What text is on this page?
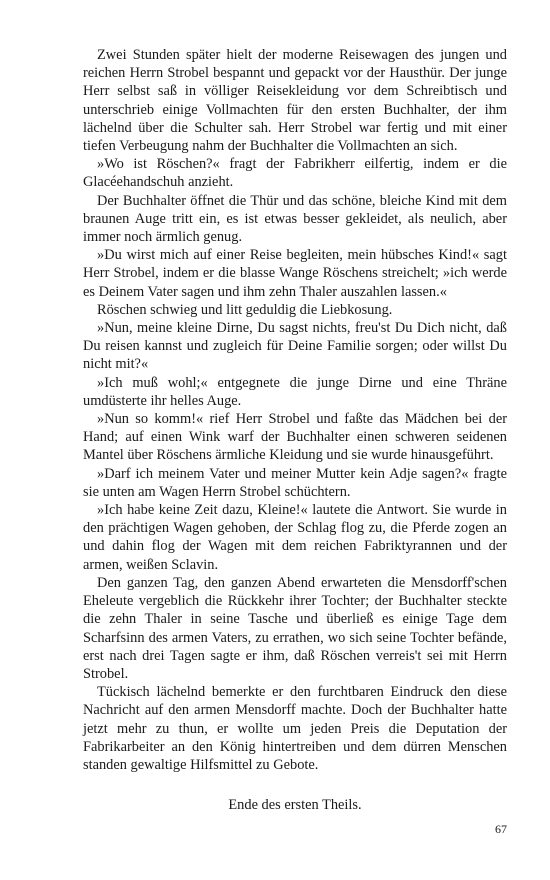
Zwei Stunden später hielt der moderne Reisewagen des jungen und reichen Herrn Strobel bespannt und gepackt vor der Hausthür. Der junge Herr selbst saß in völliger Reisekleidung vor dem Schreibtisch und unterschrieb einige Vollmachten für den ersten Buchhalter, der ihm lächelnd über die Schulter sah. Herr Strobel war fertig und mit einer tiefen Verbeugung nahm der Buchhalter die Vollmachten an sich.

»Wo ist Röschen?« fragt der Fabrikherr eilfertig, indem er die Glacéehandschuh anzieht.

Der Buchhalter öffnet die Thür und das schöne, bleiche Kind mit dem braunen Auge tritt ein, es ist etwas besser gekleidet, als neulich, aber immer noch ärmlich genug.

»Du wirst mich auf einer Reise begleiten, mein hübsches Kind!« sagt Herr Strobel, indem er die blasse Wange Röschens streichelt; »ich werde es Deinem Vater sagen und ihm zehn Thaler auszahlen lassen.«

Röschen schwieg und litt geduldig die Liebkosung.

»Nun, meine kleine Dirne, Du sagst nichts, freu'st Du Dich nicht, daß Du reisen kannst und zugleich für Deine Familie sorgen; oder willst Du nicht mit?«

»Ich muß wohl;« entgegnete die junge Dirne und eine Thräne umdüsterte ihr helles Auge.

»Nun so komm!« rief Herr Strobel und faßte das Mädchen bei der Hand; auf einen Wink warf der Buchhalter einen schweren seidenen Mantel über Röschens ärmliche Kleidung und sie wurde hinausgeführt.

»Darf ich meinem Vater und meiner Mutter kein Adje sagen?« fragte sie unten am Wagen Herrn Strobel schüchtern.

»Ich habe keine Zeit dazu, Kleine!« lautete die Antwort. Sie wurde in den prächtigen Wagen gehoben, der Schlag flog zu, die Pferde zogen an und dahin flog der Wagen mit dem reichen Fabriktyrannen und der armen, weißen Sclavin.

Den ganzen Tag, den ganzen Abend erwarteten die Mensdorff'schen Eheleute vergeblich die Rückkehr ihrer Tochter; der Buchhalter steckte die zehn Thaler in seine Tasche und überließ es einige Tage dem Scharfsinn des armen Vaters, zu errathen, wo sich seine Tochter befände, erst nach drei Tagen sagte er ihm, daß Röschen verreis't sei mit Herrn Strobel.

Tückisch lächelnd bemerkte er den furchtbaren Eindruck den diese Nachricht auf den armen Mensdorff machte. Doch der Buchhalter hatte jetzt mehr zu thun, er wollte um jeden Preis die Deputation der Fabrikarbeiter an den König hintertreiben und dem dürren Menschen standen gewaltige Hilfsmittel zu Gebote.

Ende des ersten Theils.

67
